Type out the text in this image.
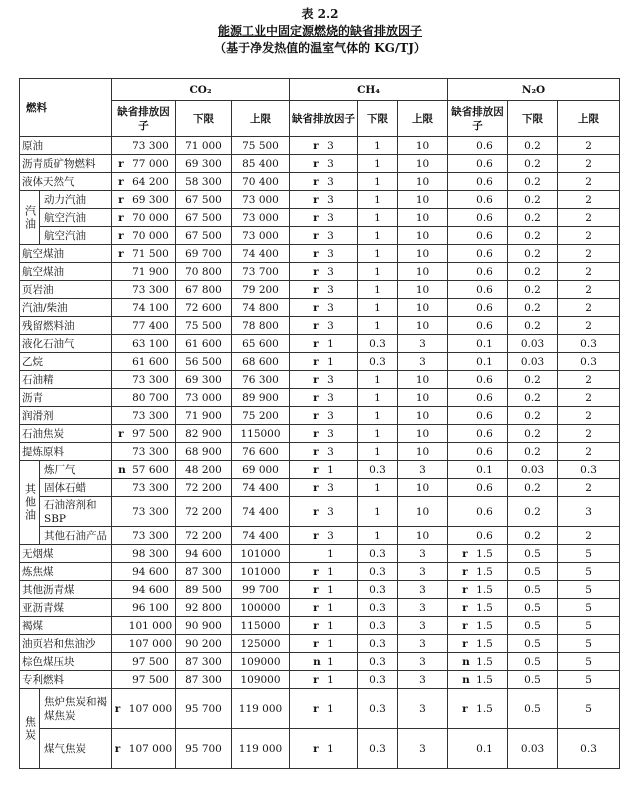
表 2.2
能源工业中固定源燃烧的缺省排放因子
（基于净发热值的温室气体的 KG/TJ）
燃料		CO₂			CH₄			N₂O		
		缺省排放因子	下限	上限	缺省排放因子	下限	上限	缺省排放因子	下限	上限
原油		73 300	71 000	75 500	r 3	1	10	0.6	0.2	2
沥青质矿物燃料		r 77 000	69 300	85 400	r 3	1	10	0.6	0.2	2
液体天然气		r 64 200	58 300	70 400	r 3	1	10	0.6	0.2	2
汽油	动力汽油	r 69 300	67 500	73 000	r 3	1	10	0.6	0.2	2
	航空汽油	r 70 000	67 500	73 000	r 3	1	10	0.6	0.2	2
	航空汽油	r 70 000	67 500	73 000	r 3	1	10	0.6	0.2	2
航空煤油		r 71 500	69 700	74 400	r 3	1	10	0.6	0.2	2
航空煤油		71 900	70 800	73 700	r 3	1	10	0.6	0.2	2
页岩油		73 300	67 800	79 200	r 3	1	10	0.6	0.2	2
汽油/柴油		74 100	72 600	74 800	r 3	1	10	0.6	0.2	2
残留燃料油		77 400	75 500	78 800	r 3	1	10	0.6	0.2	2
液化石油气		63 100	61 600	65 600	r 1	0.3	3	0.1	0.03	0.3
乙烷		61 600	56 500	68 600	r 1	0.3	3	0.1	0.03	0.3
石油精		73 300	69 300	76 300	r 3	1	10	0.6	0.2	2
沥青		80 700	73 000	89 900	r 3	1	10	0.6	0.2	2
润滑剂		73 300	71 900	75 200	r 3	1	10	0.6	0.2	2
石油焦炭		r 97 500	82 900	115000	r 3	1	10	0.6	0.2	2
提炼原料		73 300	68 900	76 600	r 3	1	10	0.6	0.2	2
其他油	炼厂气	n 57 600	48 200	69 000	r 1	0.3	3	0.1	0.03	0.3
	固体石蜡	73 300	72 200	74 400	r 3	1	10	0.6	0.2	2
	石油溶剂和 SBP	73 300	72 200	74 400	r 3	1	10	0.6	0.2	3
	其他石油产品	73 300	72 200	74 400	r 3	1	10	0.6	0.2	2
无烟煤		98 300	94 600	101000	1	0.3	3	r 1.5	0.5	5
炼焦煤		94 600	87 300	101000	r 1	0.3	3	r 1.5	0.5	5
其他沥青煤		94 600	89 500	99 700	r 1	0.3	3	r 1.5	0.5	5
亚沥青煤		96 100	92 800	100000	r 1	0.3	3	r 1.5	0.5	5
褐煤		101 000	90 900	115000	r 1	0.3	3	r 1.5	0.5	5
油页岩和焦油沙		107 000	90 200	125000	r 1	0.3	3	r 1.5	0.5	5
棕色煤压块		97 500	87 300	109000	n 1	0.3	3	n 1.5	0.5	5
专利燃料		97 500	87 300	109000	r 1	0.3	3	n 1.5	0.5	5
焦炭	焦炉焦炭和褐煤焦炭	r 107 000	95 700	119 000	r 1	0.3	3	r 1.5	0.5	5
	煤气焦炭	r 107 000	95 700	119 000	r 1	0.3	3	0.1	0.03	0.3
